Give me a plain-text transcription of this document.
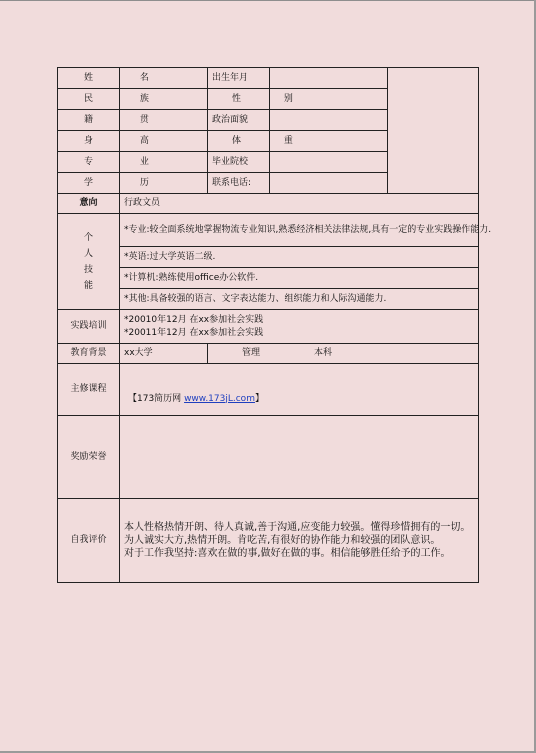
姓 名		出生年月		
民 族		性 别		
籍 贯		政治面貌		
身 高		体 重		
专 业		毕业院校		
学 历		联系电话:		
意向	行政文员			

个
人
技
能	*专业:较全面系统地掌握物流专业知识,熟悉经济相关法律法规,具有一定的专业实践操作能力.			

	*英语:过大学英语二级.			
	*计算机:熟练使用office办公软件.			
	*其他:具备较强的语言、文字表达能力、组织能力和人际沟通能力.			
实践培训	*20010年12月 在xx参加社会实践
*20011年12月 在xx参加社会实践			

教育背景	xx大学	管理 本科		
主修课程	【173简历网 www.173jL.com】			

奖励荣誉				
自我评价	本人性格热情开朗、待人真诚,善于沟通,应变能力较强。懂得珍惜拥有的一切。
为人诚实大方,热情开朗。肯吃苦,有很好的协作能力和较强的团队意识。
对于工作我坚持:喜欢在做的事,做好在做的事。相信能够胜任给予的工作。			
